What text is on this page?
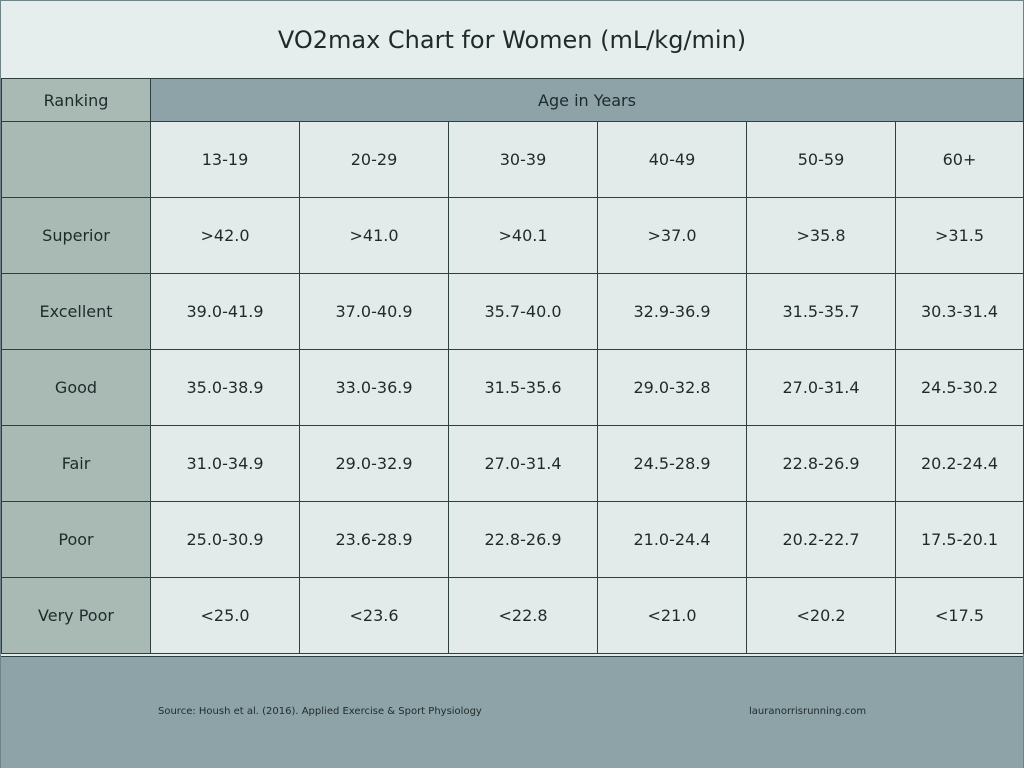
VO2max Chart for Women (mL/kg/min)
Ranking	Age in Years					
	13-19	20-29	30-39	40-49	50-59	60+
Superior	>42.0	>41.0	>40.1	>37.0	>35.8	>31.5
Excellent	39.0-41.9	37.0-40.9	35.7-40.0	32.9-36.9	31.5-35.7	30.3-31.4
Good	35.0-38.9	33.0-36.9	31.5-35.6	29.0-32.8	27.0-31.4	24.5-30.2
Fair	31.0-34.9	29.0-32.9	27.0-31.4	24.5-28.9	22.8-26.9	20.2-24.4
Poor	25.0-30.9	23.6-28.9	22.8-26.9	21.0-24.4	20.2-22.7	17.5-20.1
Very Poor	<25.0	<23.6	<22.8	<21.0	<20.2	<17.5
Source: Housh et al. (2016). Applied Exercise & Sport Physiology	lauranorrisrunning.com
